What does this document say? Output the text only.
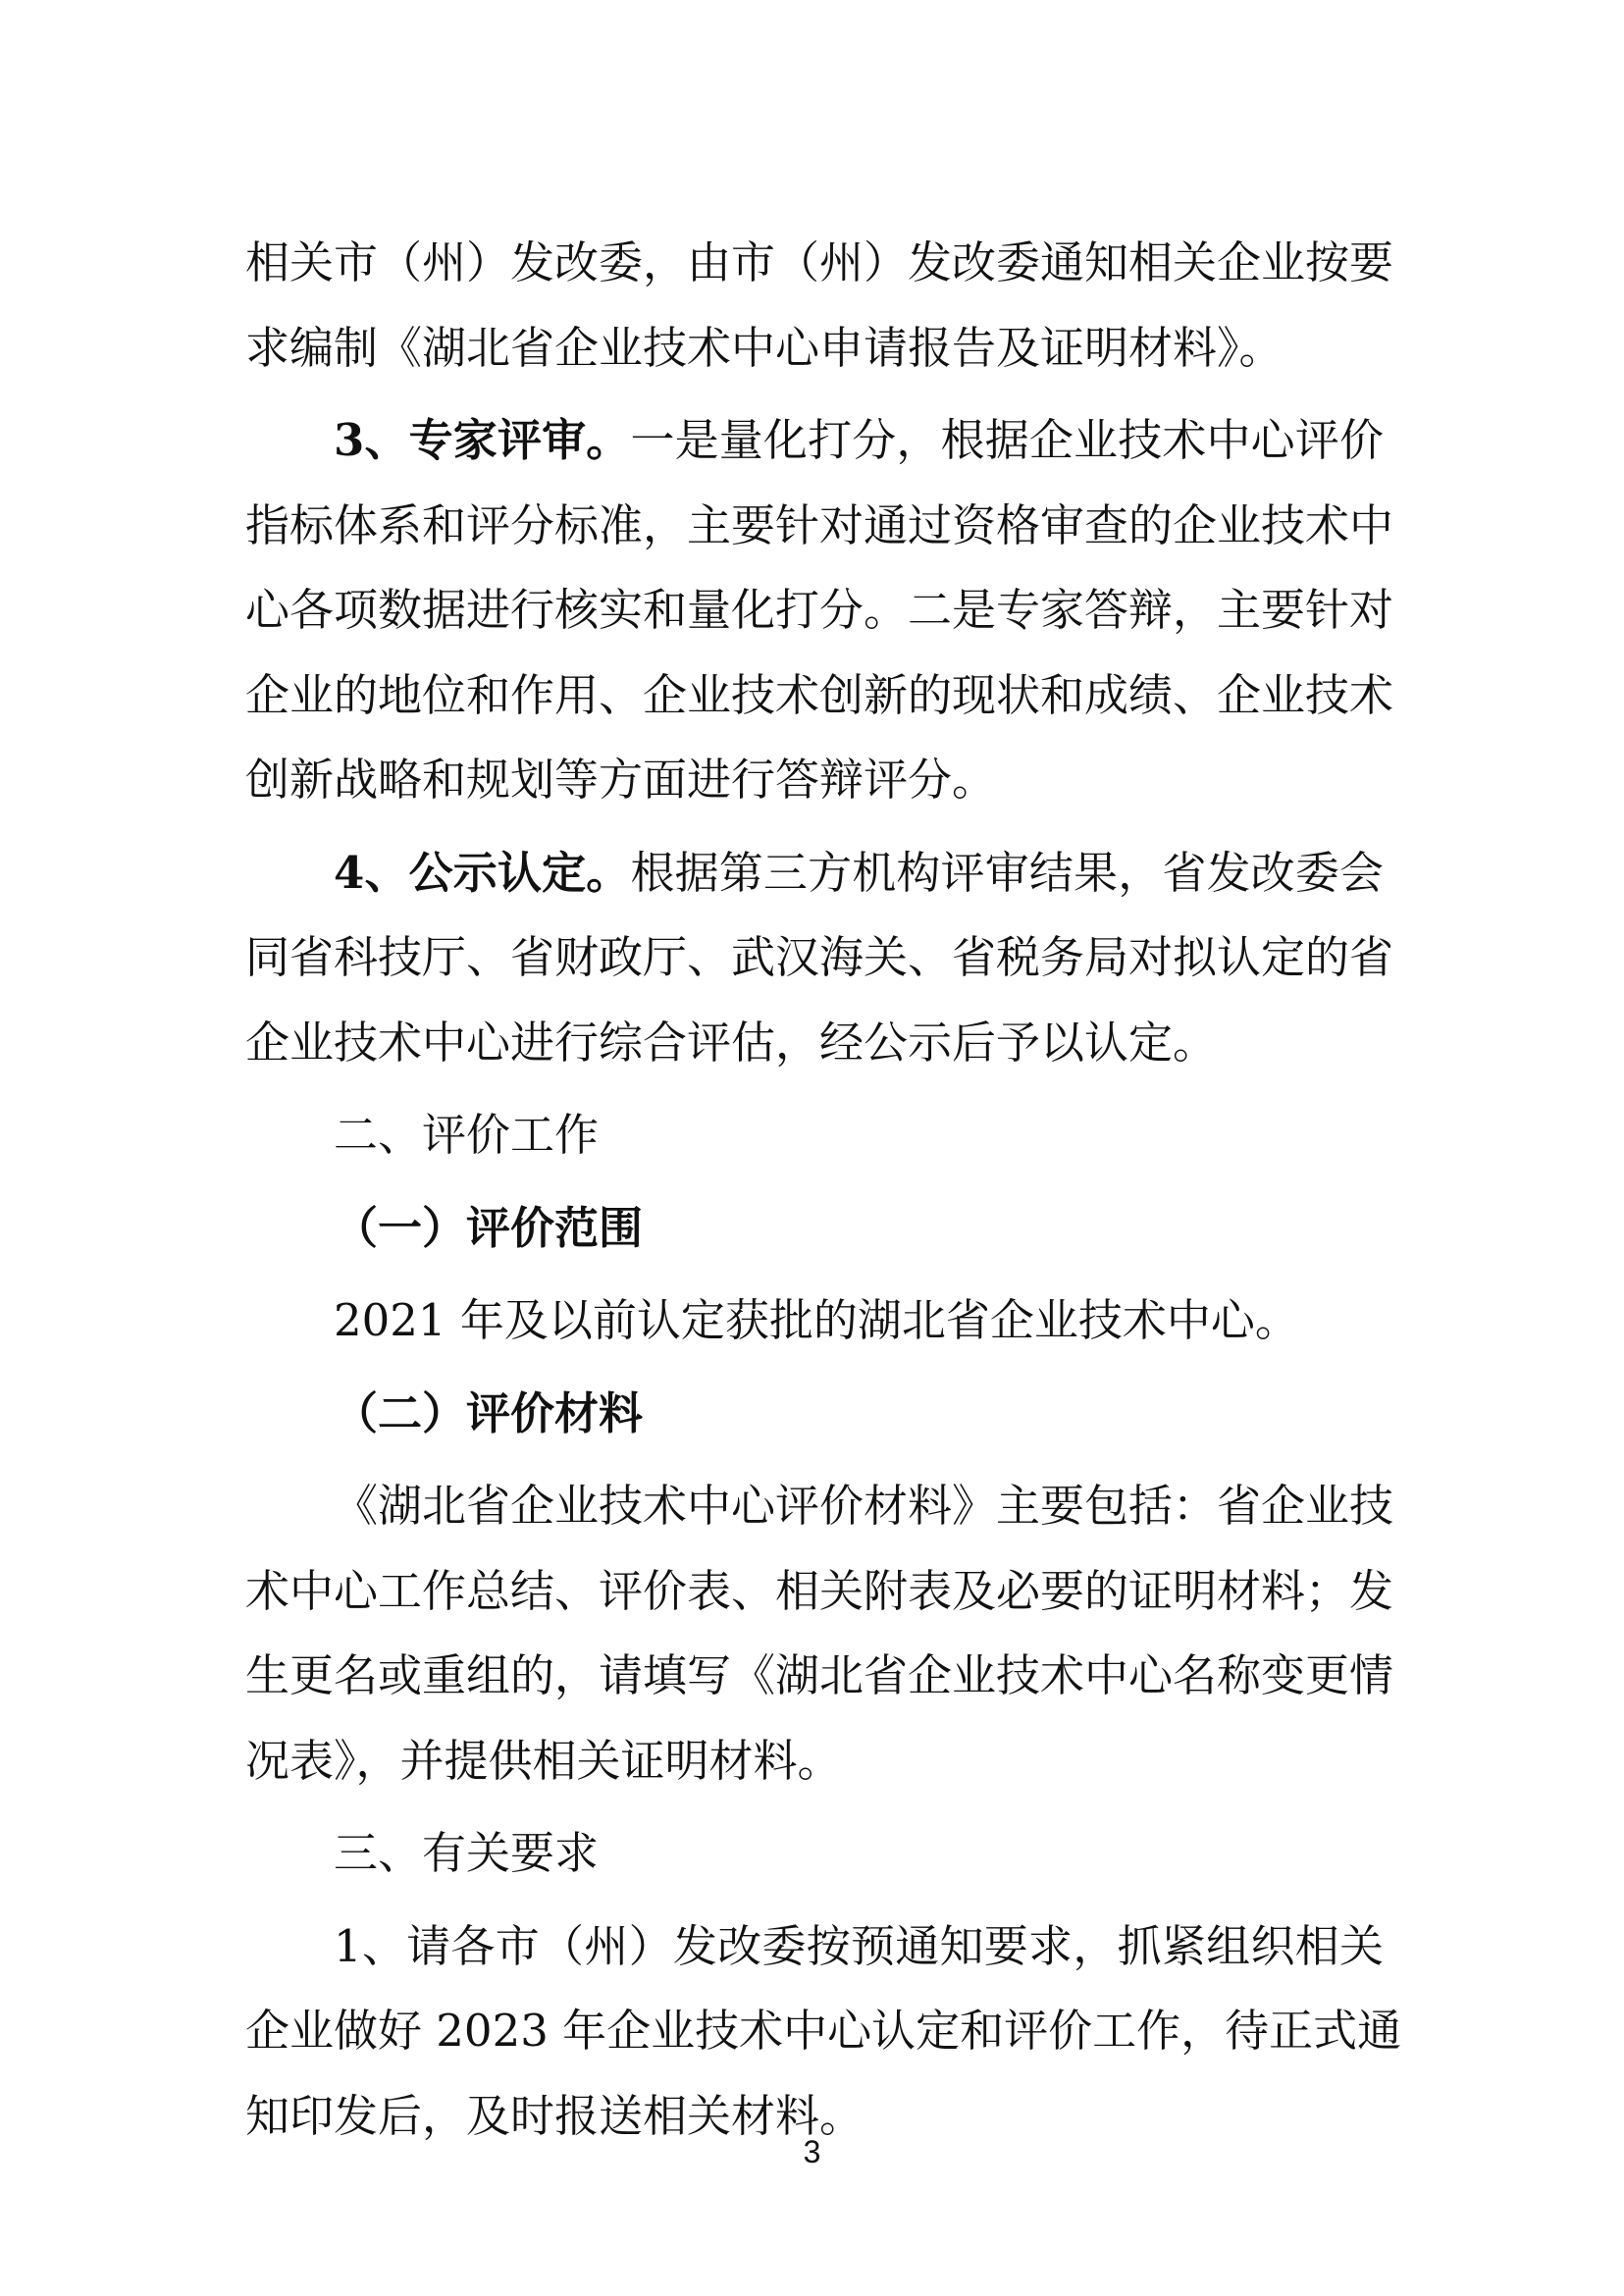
相关市（州）发改委，由市（州）发改委通知相关企业按要
求编制《湖北省企业技术中心申请报告及证明材料》。
3、专家评审。一是量化打分，根据企业技术中心评价
指标体系和评分标准，主要针对通过资格审查的企业技术中
心各项数据进行核实和量化打分。二是专家答辩，主要针对
企业的地位和作用、企业技术创新的现状和成绩、企业技术
创新战略和规划等方面进行答辩评分。
4、公示认定。根据第三方机构评审结果，省发改委会
同省科技厅、省财政厅、武汉海关、省税务局对拟认定的省
企业技术中心进行综合评估，经公示后予以认定。
二、评价工作
（一）评价范围
2021 年及以前认定获批的湖北省企业技术中心。
（二）评价材料
《湖北省企业技术中心评价材料》主要包括：省企业技
术中心工作总结、评价表、相关附表及必要的证明材料；发
生更名或重组的，请填写《湖北省企业技术中心名称变更情
况表》，并提供相关证明材料。
三、有关要求
1、请各市（州）发改委按预通知要求，抓紧组织相关
企业做好 2023 年企业技术中心认定和评价工作，待正式通
知印发后，及时报送相关材料。
3
